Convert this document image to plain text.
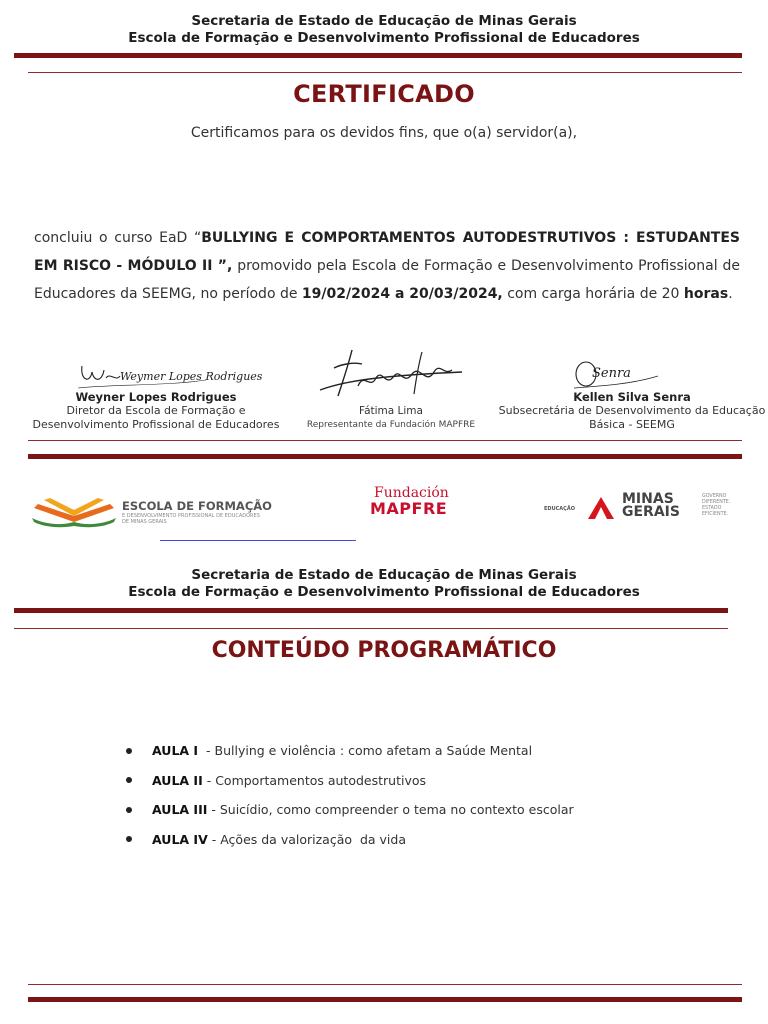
Secretaria de Estado de Educação de Minas Gerais
Escola de Formação e Desenvolvimento Profissional de Educadores
CERTIFICADO
Certificamos para os devidos fins, que o(a) servidor(a),
concluiu o curso EaD “BULLYING E COMPORTAMENTOS AUTODESTRUTIVOS : ESTUDANTES EM RISCO - MÓDULO II ”, promovido pela Escola de Formação e Desenvolvimento Profissional de Educadores da SEEMG, no período de 19/02/2024 a 20/03/2024, com carga horária de 20 horas.
Weymer Lopes Rodrigues
Weyner Lopes Rodrigues
Diretor da Escola de Formação e Desenvolvimento Profissional de Educadores
Fátima Lima
Representante da Fundación MAPFRE
Senra
Kellen Silva Senra
Subsecretária de Desenvolvimento da Educação Básica - SEEMG
ESCOLA DE FORMAÇÃO
E DESENVOLVIMENTO PROFISSIONAL DE EDUCADORES DE MINAS GERAIS
Fundación
MAPFRE	EDUCAÇÃO
MINAS
GERAIS
GOVERNO DIFERENTE. ESTADO EFICIENTE.
Secretaria de Estado de Educação de Minas Gerais
Escola de Formação e Desenvolvimento Profissional de Educadores
CONTEÚDO PROGRAMÁTICO
AULA I - Bullying e violência : como afetam a Saúde Mental
AULA II - Comportamentos autodestrutivos
AULA III - Suicídio, como compreender o tema no contexto escolar
AULA IV - Ações da valorização  da vida
